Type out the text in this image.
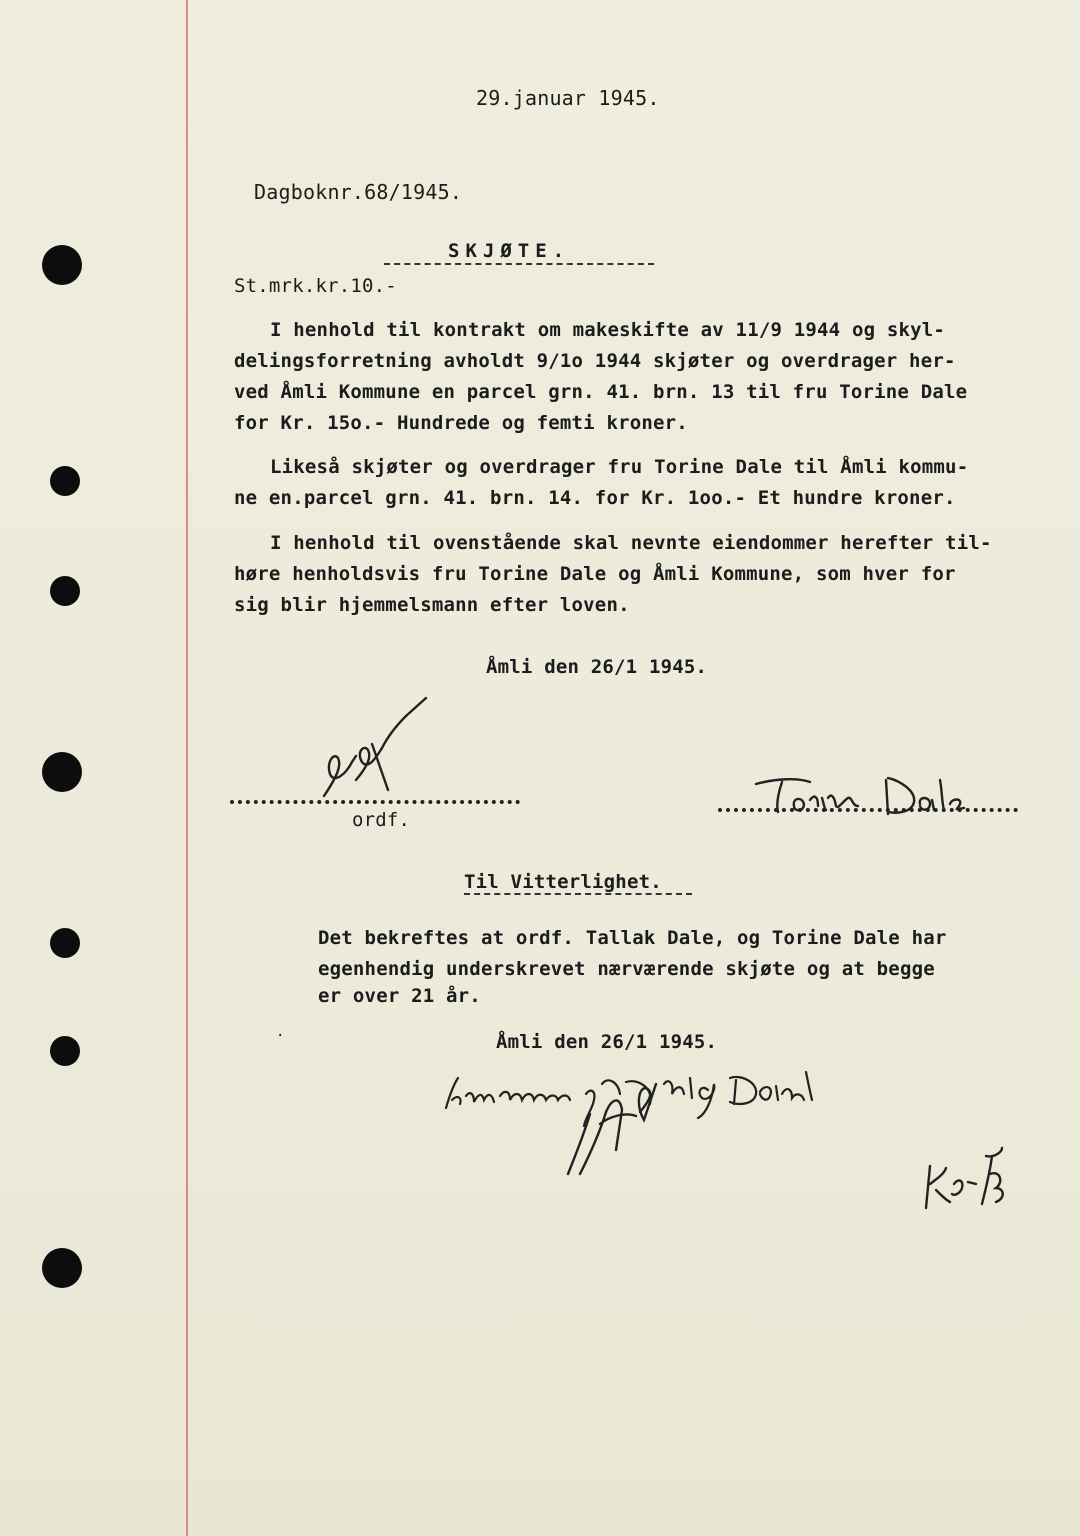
29.januar 1945.
Dagboknr.68/1945.
SKJØTE.
St.mrk.kr.10.-
I henhold til kontrakt om makeskifte av 11/9 1944 og skyl-
delingsforretning avholdt 9/1o 1944 skjøter og overdrager her-
ved Åmli Kommune en parcel grn. 41. brn. 13 til fru Torine Dale
for Kr. 15o.- Hundrede og femti kroner.
Likeså skjøter og overdrager fru Torine Dale til Åmli kommu-
ne en.parcel grn. 41. brn. 14. for Kr. 1oo.- Et hundre kroner.
I henhold til ovenstående skal nevnte eiendommer herefter til-
høre henholdsvis fru Torine Dale og Åmli Kommune, som hver for
sig blir hjemmelsmann efter loven.
Åmli den 26/1 1945.
ordf.
Til Vitterlighet.
Det bekreftes at ordf. Tallak Dale, og Torine Dale har
egenhendig underskrevet nærværende skjøte og at begge
er over 21 år.
·	Åmli den 26/1 1945.
